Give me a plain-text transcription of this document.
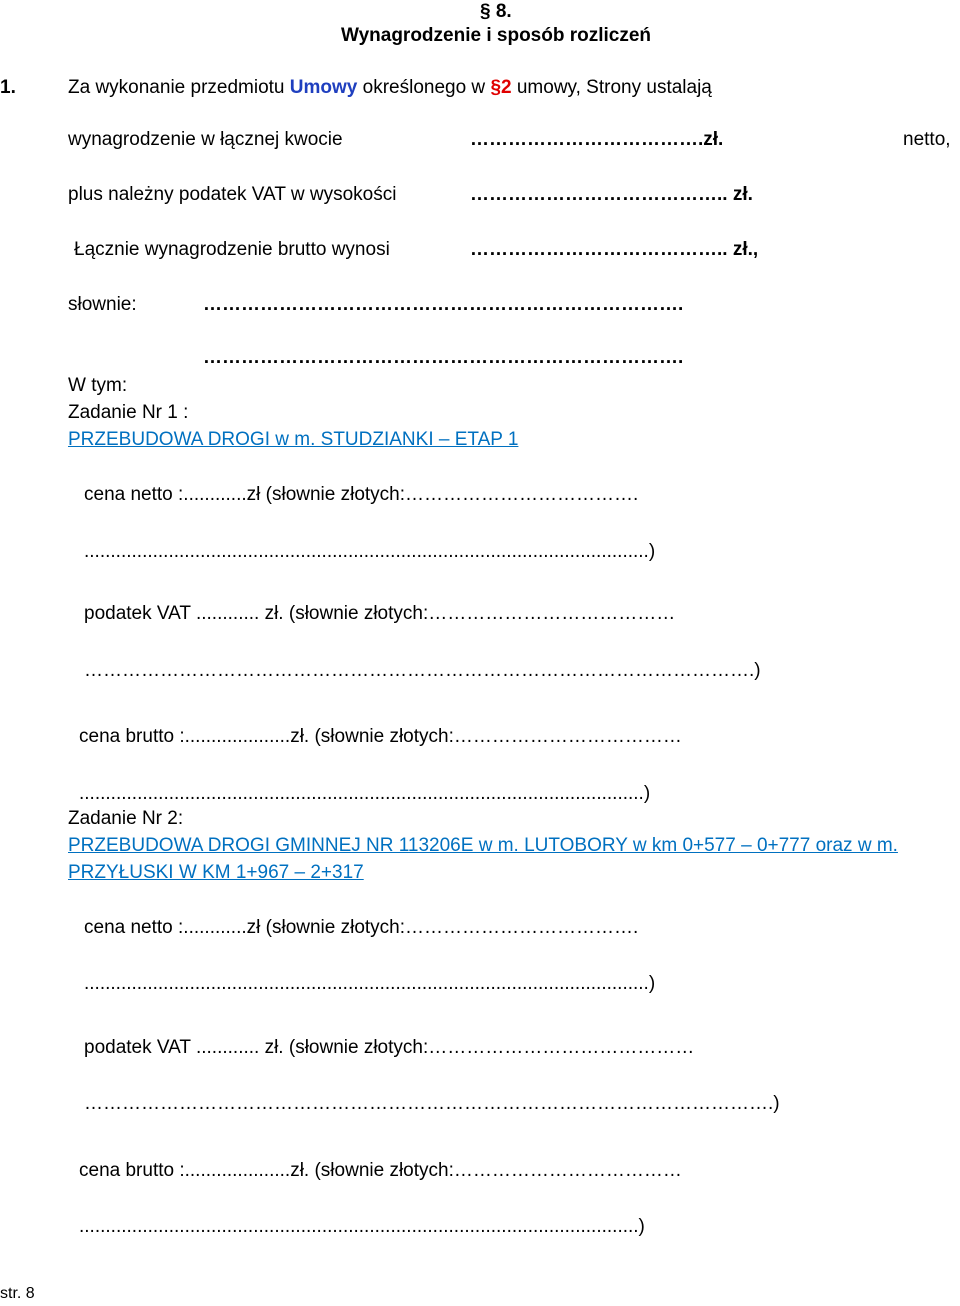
§ 8.
Wynagrodzenie i sposób rozliczeń
1.	Za wykonanie przedmiotu Umowy określonego w §2 umowy, Strony ustalają
wynagrodzenie w łącznej kwocie	……………………………….zł.	netto,
plus należny podatek VAT w wysokości	………………………………….. zł.
Łącznie wynagrodzenie brutto wynosi	………………………………….. zł.,
słownie:	………………………………………………………………….
………………………………………………………………….
W tym:
Zadanie Nr 1 :
PRZEBUDOWA DROGI w m. STUDZIANKI – ETAP 1
cena netto :............zł (słownie złotych:……………………………….
...........................................................................................................)
podatek VAT ............ zł. (słownie złotych:…………………………………
…………………………………………………………………………………………….)
cena brutto :....................zł. (słownie złotych:………………………………
...........................................................................................................)
Zadanie Nr 2:
PRZEBUDOWA DROGI GMINNEJ NR 113206E w m. LUTOBORY w km 0+577 – 0+777 oraz w m.
PRZYŁUSKI W KM 1+967 – 2+317
cena netto :............zł (słownie złotych:……………………………….
...........................................................................................................)
podatek VAT ............ zł. (słownie złotych:……………………………………
……………………………………………………………………………………………….)
cena brutto :....................zł. (słownie złotych:………………………………
..........................................................................................................)
str. 8
